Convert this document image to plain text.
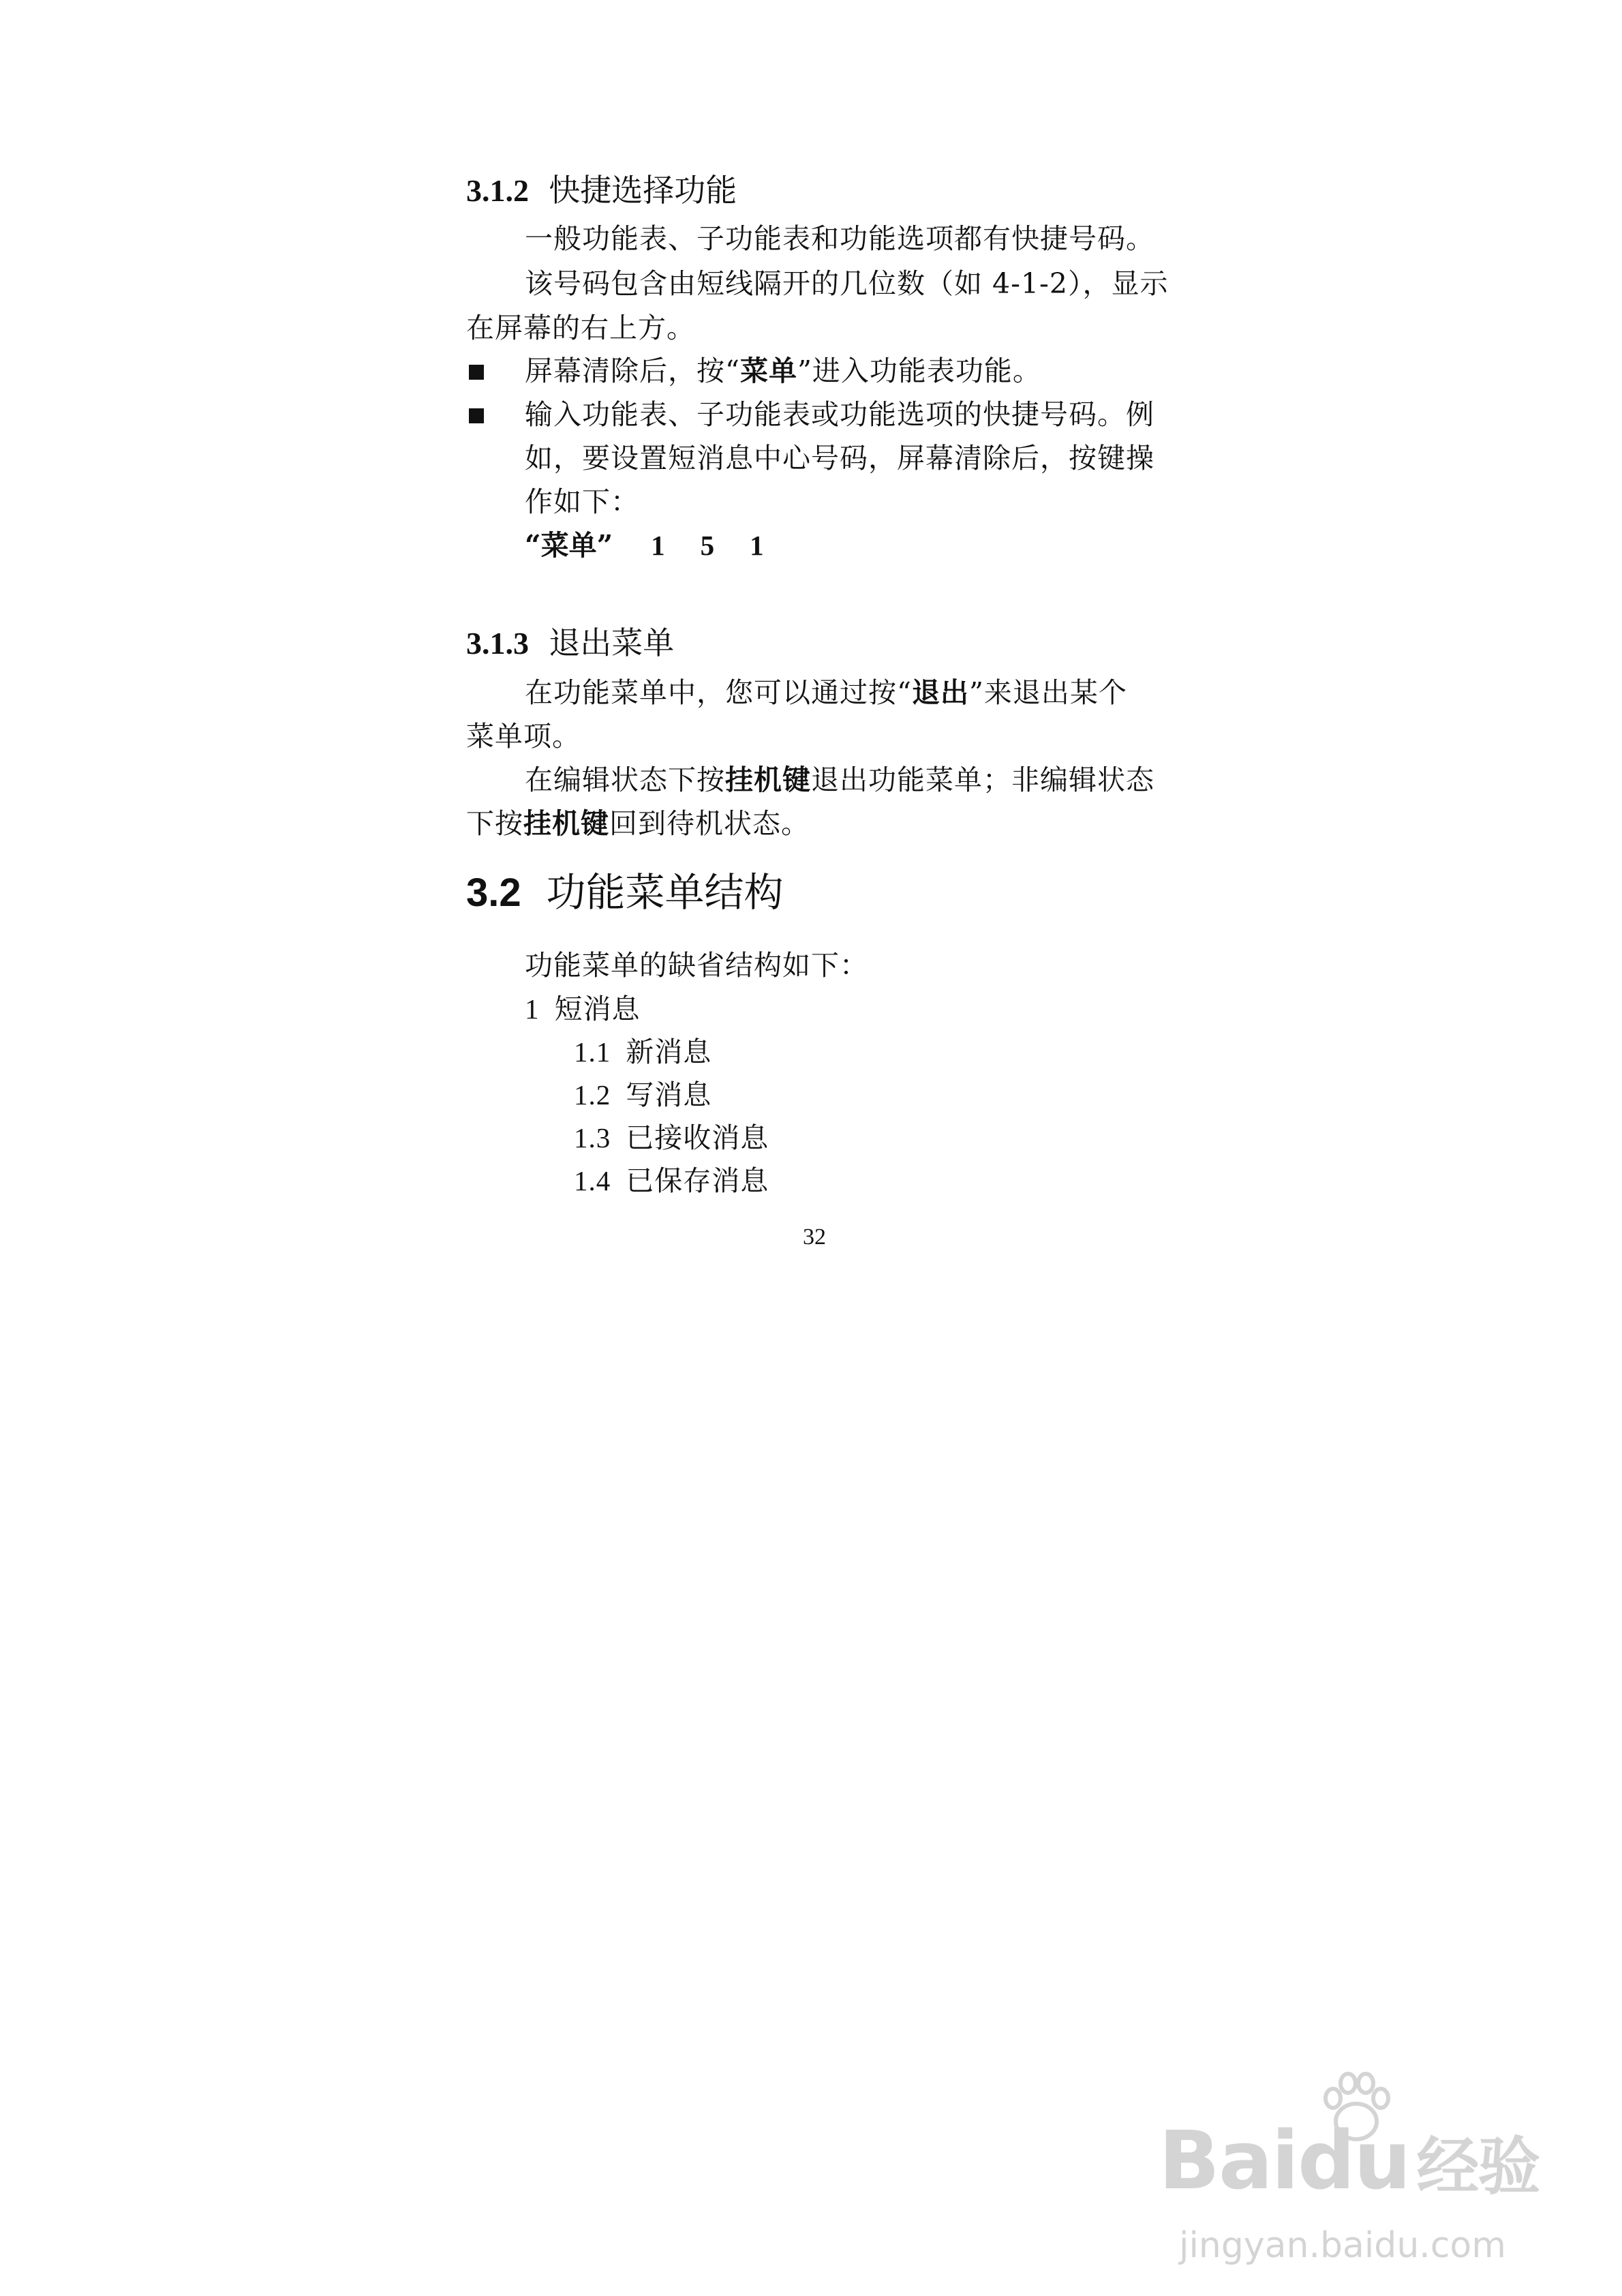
3.1.2 快捷选择功能
一般功能表、子功能表和功能选项都有快捷号码。
该号码包含由短线隔开的几位数（如 4-1-2），显示
在屏幕的右上方。
屏幕清除后，按“菜单”进入功能表功能。
输入功能表、子功能表或功能选项的快捷号码。例
如，要设置短消息中心号码，屏幕清除后，按键操
作如下：
“菜单” 1 5 1
3.1.3 退出菜单
在功能菜单中，您可以通过按“退出”来退出某个
菜单项。
在编辑状态下按挂机键退出功能菜单；非编辑状态
下按挂机键回到待机状态。
3.2 功能菜单结构
功能菜单的缺省结构如下：
1 短消息
1.1 新消息
1.2 写消息
1.3 已接收消息
1.4 已保存消息
32
Baidu 经验
jingyan.baidu.com
